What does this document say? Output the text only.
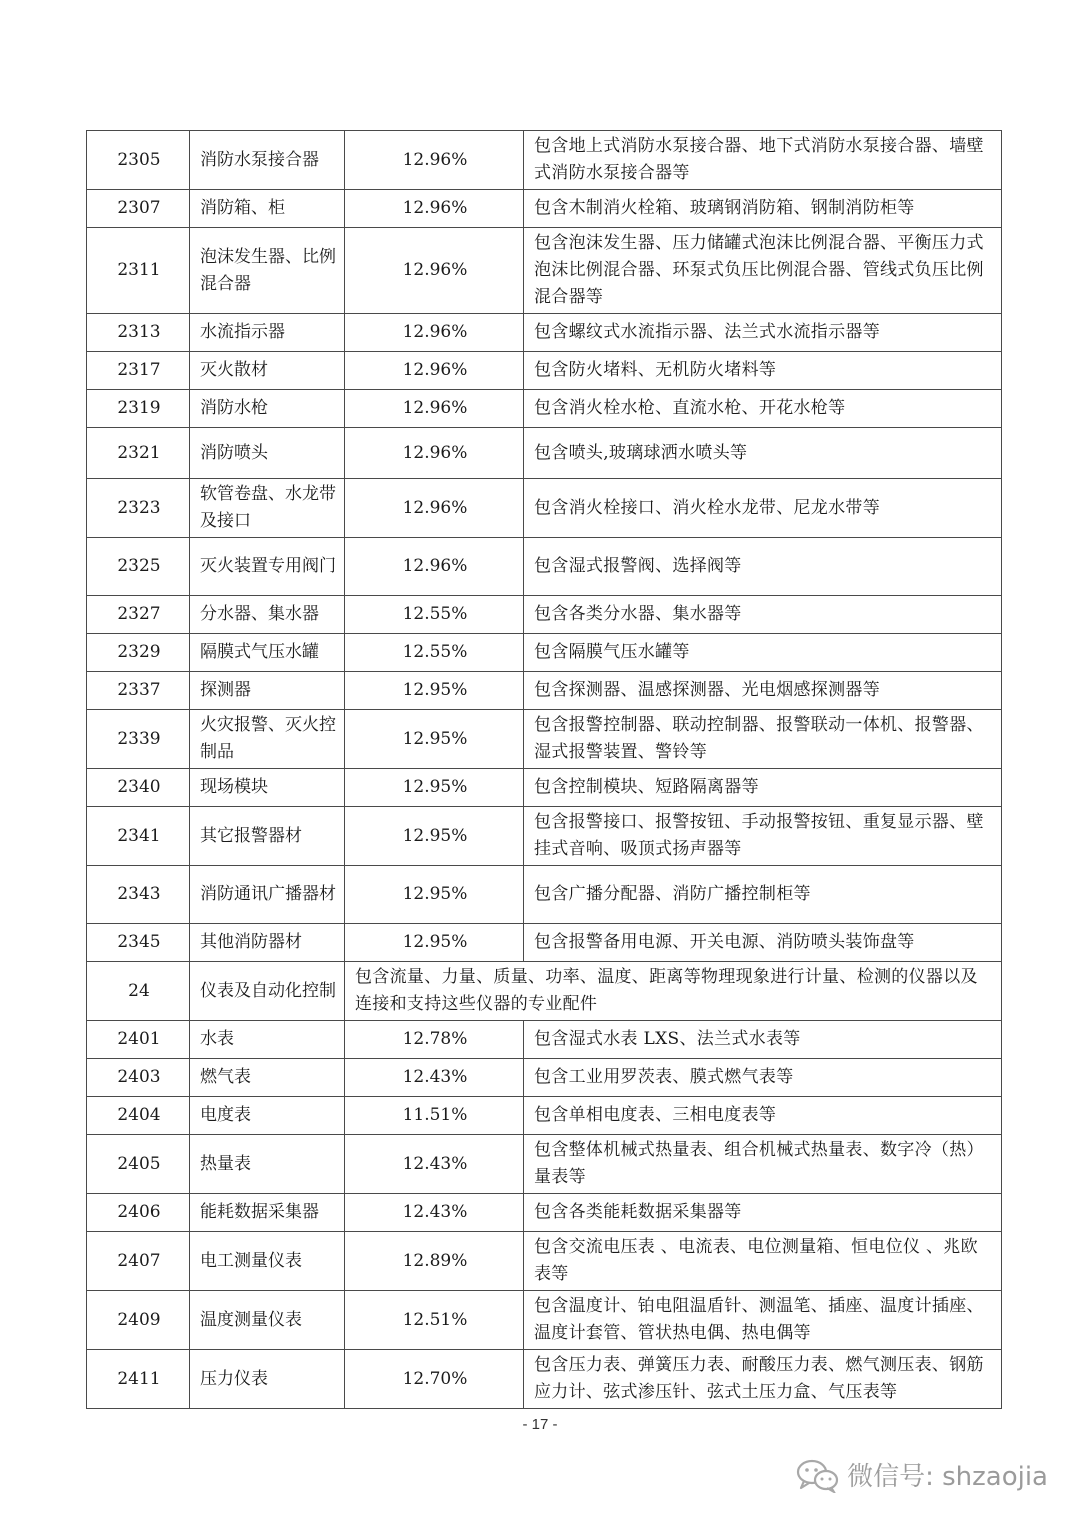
2305	消防水泵接合器	12.96%	包含地上式消防水泵接合器、地下式消防水泵接合器、墙壁式消防水泵接合器等
2307	消防箱、柜	12.96%	包含木制消火栓箱、玻璃钢消防箱、钢制消防柜等
2311	泡沫发生器、比例混合器	12.96%	包含泡沫发生器、压力储罐式泡沫比例混合器、平衡压力式泡沫比例混合器、环泵式负压比例混合器、管线式负压比例混合器等
2313	水流指示器	12.96%	包含螺纹式水流指示器、法兰式水流指示器等
2317	灭火散材	12.96%	包含防火堵料、无机防火堵料等
2319	消防水枪	12.96%	包含消火栓水枪、直流水枪、开花水枪等
2321	消防喷头	12.96%	包含喷头,玻璃球洒水喷头等
2323	软管卷盘、水龙带及接口	12.96%	包含消火栓接口、消火栓水龙带、尼龙水带等
2325	灭火装置专用阀门	12.96%	包含湿式报警阀、选择阀等
2327	分水器、集水器	12.55%	包含各类分水器、集水器等
2329	隔膜式气压水罐	12.55%	包含隔膜气压水罐等
2337	探测器	12.95%	包含探测器、温感探测器、光电烟感探测器等
2339	火灾报警、灭火控制品	12.95%	包含报警控制器、联动控制器、报警联动一体机、报警器、湿式报警装置、警铃等
2340	现场模块	12.95%	包含控制模块、短路隔离器等
2341	其它报警器材	12.95%	包含报警接口、报警按钮、手动报警按钮、重复显示器、壁挂式音响、吸顶式扬声器等
2343	消防通讯广播器材	12.95%	包含广播分配器、消防广播控制柜等
2345	其他消防器材	12.95%	包含报警备用电源、开关电源、消防喷头装饰盘等
24	仪表及自动化控制	包含流量、力量、质量、功率、温度、距离等物理现象进行计量、检测的仪器以及连接和支持这些仪器的专业配件	
2401	水表	12.78%	包含湿式水表 LXS、法兰式水表等
2403	燃气表	12.43%	包含工业用罗茨表、膜式燃气表等
2404	电度表	11.51%	包含单相电度表、三相电度表等
2405	热量表	12.43%	包含整体机械式热量表、组合机械式热量表、数字冷（热）量表等
2406	能耗数据采集器	12.43%	包含各类能耗数据采集器等
2407	电工测量仪表	12.89%	包含交流电压表 、电流表、电位测量箱、恒电位仪 、兆欧表等
2409	温度测量仪表	12.51%	包含温度计、铂电阻温盾针、测温笔、插座、温度计插座、温度计套管、管状热电偶、热电偶等
2411	压力仪表	12.70%	包含压力表、弹簧压力表、耐酸压力表、燃气测压表、钢筋应力计、弦式渗压针、弦式土压力盒、气压表等
- 17 -
微信号: shzaojia
